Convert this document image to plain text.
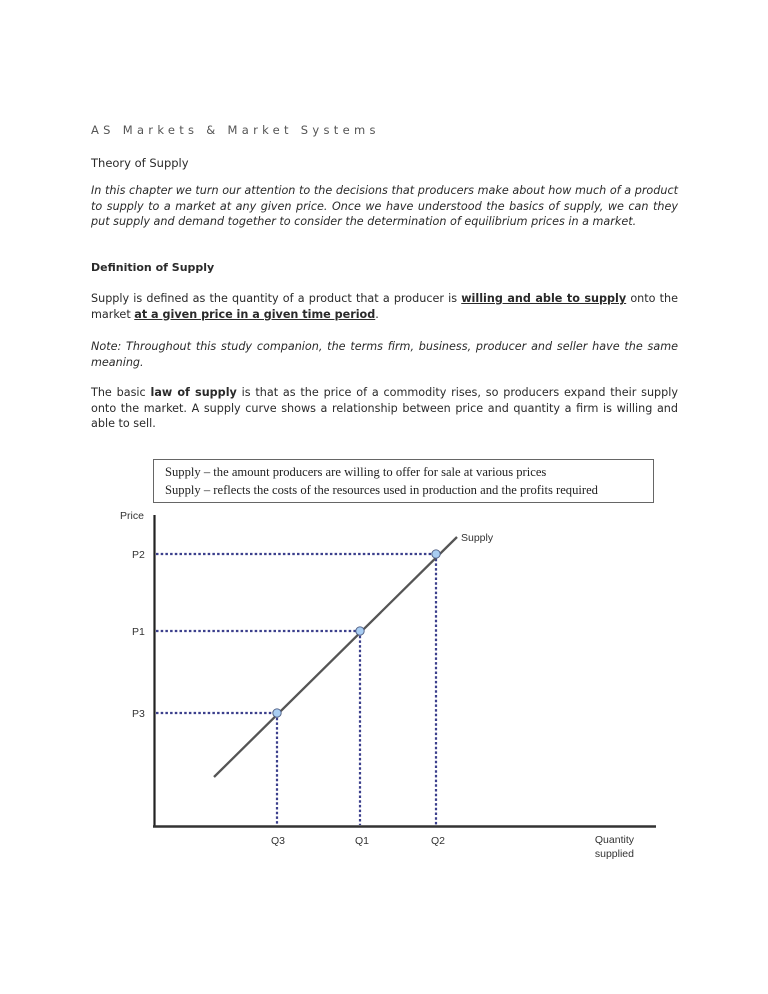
AS Markets & Market Systems
Theory of Supply

In this chapter we turn our attention to the decisions that producers make about how much of a product to supply to a market at any given price. Once we have understood the basics of supply, we can they put supply and demand together to consider the determination of equilibrium prices in a market.

Definition of Supply

Supply is defined as the quantity of a product that a producer is willing and able to supply onto the market at a given price in a given time period.

Note: Throughout this study companion, the terms firm, business, producer and seller have the same meaning.

The basic law of supply is that as the price of a commodity rises, so producers expand their supply onto the market. A supply curve shows a relationship between price and quantity a firm is willing and able to sell.

Supply – the amount producers are willing to offer for sale at various prices
Supply – reflects the costs of the resources used in production and the profits required
Price
P2
P1
P3
Q3	Q1	Q2
Supply
Quantity
supplied
